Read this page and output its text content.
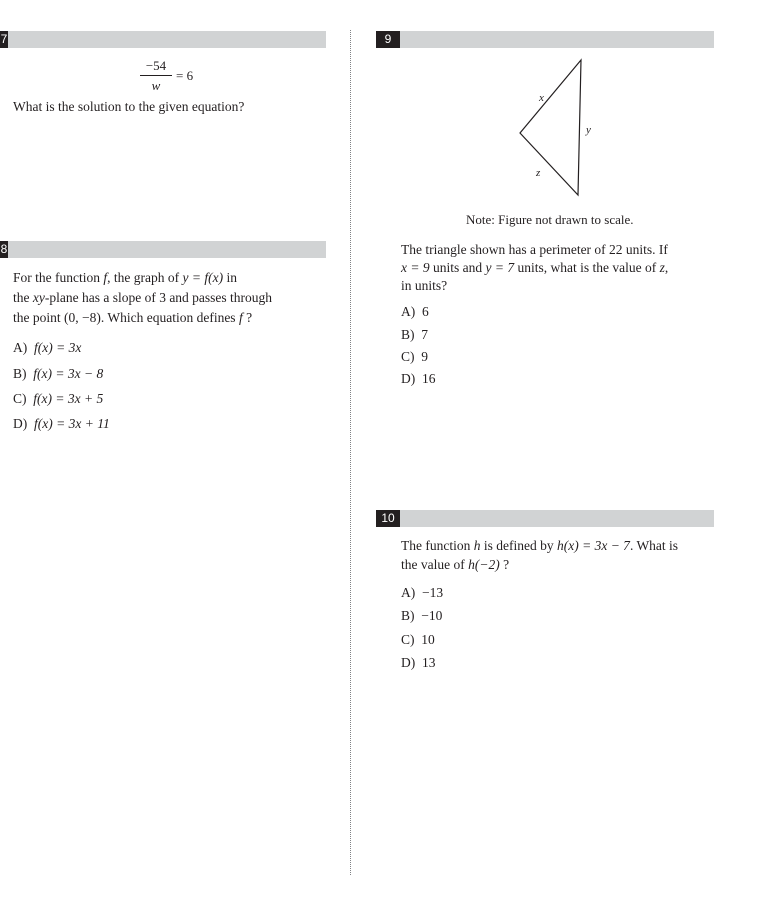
7
−54
w
= 6
What is the solution to the given equation?
8
For the function f, the graph of y = f(x) in
the xy-plane has a slope of 3 and passes through
the point (0, −8). Which equation defines f ?
A) f(x) = 3x
B) f(x) = 3x − 8
C) f(x) = 3x + 5
D) f(x) = 3x + 11
9
x
y
z
Note: Figure not drawn to scale.
The triangle shown has a perimeter of 22 units. If
x = 9 units and y = 7 units, what is the value of z,
in units?
A) 6
B) 7
C) 9
D) 16
10
The function h is defined by h(x) = 3x − 7. What is
the value of h(−2) ?
A) −13
B) −10
C) 10
D) 13
